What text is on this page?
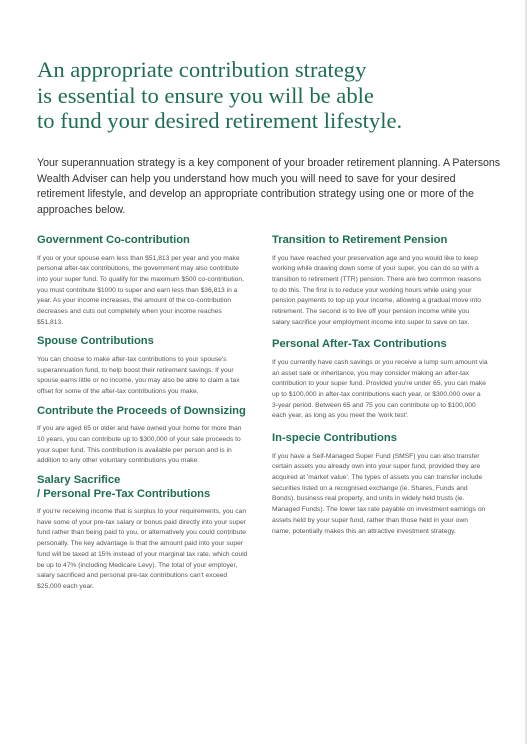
An appropriate contribution strategy
is essential to ensure you will be able
to fund your desired retirement lifestyle.

Your superannuation strategy is a key component of your broader retirement planning. A Patersons Wealth Adviser can help you understand how much you will need to save for your desired retirement lifestyle, and develop an appropriate contribution strategy using one or more of the approaches below.

Government Co-contribution

If you or your spouse earn less than $51,813 per year and you make personal after-tax contributions, the government may also contribute into your super fund. To qualify for the maximum $500 co-contribution, you must contribute $1000 to super and earn less than $36,813 in a year. As your income increases, the amount of the co-contribution decreases and cuts out completely when your income reaches $51,813.

Spouse Contributions

You can choose to make after-tax contributions to your spouse's superannuation fund, to help boost their retirement savings. If your spouse earns little or no income, you may also be able to claim a tax offset for some of the after-tax contributions you make.

Contribute the Proceeds of Downsizing

If you are aged 65 or older and have owned your home for more than 10 years, you can contribute up to $300,000 of your sale proceeds to your super fund. This contribution is available per person and is in addition to any other voluntary contributions you make.

Salary Sacrifice
/ Personal Pre-Tax Contributions

If you're receiving income that is surplus to your requirements, you can have some of your pre-tax salary or bonus paid directly into your super fund rather than being paid to you, or alternatively you could contribute personally. The key advantage is that the amount paid into your super fund will be taxed at 15% instead of your marginal tax rate, which could be up to 47% (including Medicare Levy). The total of your employer, salary sacrificed and personal pre-tax contributions can't exceed $25,000 each year.

Transition to Retirement Pension

If you have reached your preservation age and you would like to keep working while drawing down some of your super, you can do so with a transition to retirement (TTR) pension. There are two common reasons to do this. The first is to reduce your working hours while using your pension payments to top up your income, allowing a gradual move into retirement. The second is to live off your pension income while you salary sacrifice your employment income into super to save on tax.

Personal After-Tax Contributions

If you currently have cash savings or you receive a lump sum amount via an asset sale or inheritance, you may consider making an after-tax contribution to your super fund. Provided you're under 65, you can make up to $100,000 in after-tax contributions each year, or $300,000 over a 3-year period. Between 65 and 75 you can contribute up to $100,000 each year, as long as you meet the 'work test'.

In-specie Contributions

If you have a Self-Managed Super Fund (SMSF) you can also transfer certain assets you already own into your super fund, provided they are acquired at 'market value'. The types of assets you can transfer include securities listed on a recognised exchange (ie. Shares, Funds and Bonds), business real property, and units in widely held trusts (ie. Managed Funds). The lower tax rate payable on investment earnings on assets held by your super fund, rather than those held in your own name, potentially makes this an attractive investment strategy.
